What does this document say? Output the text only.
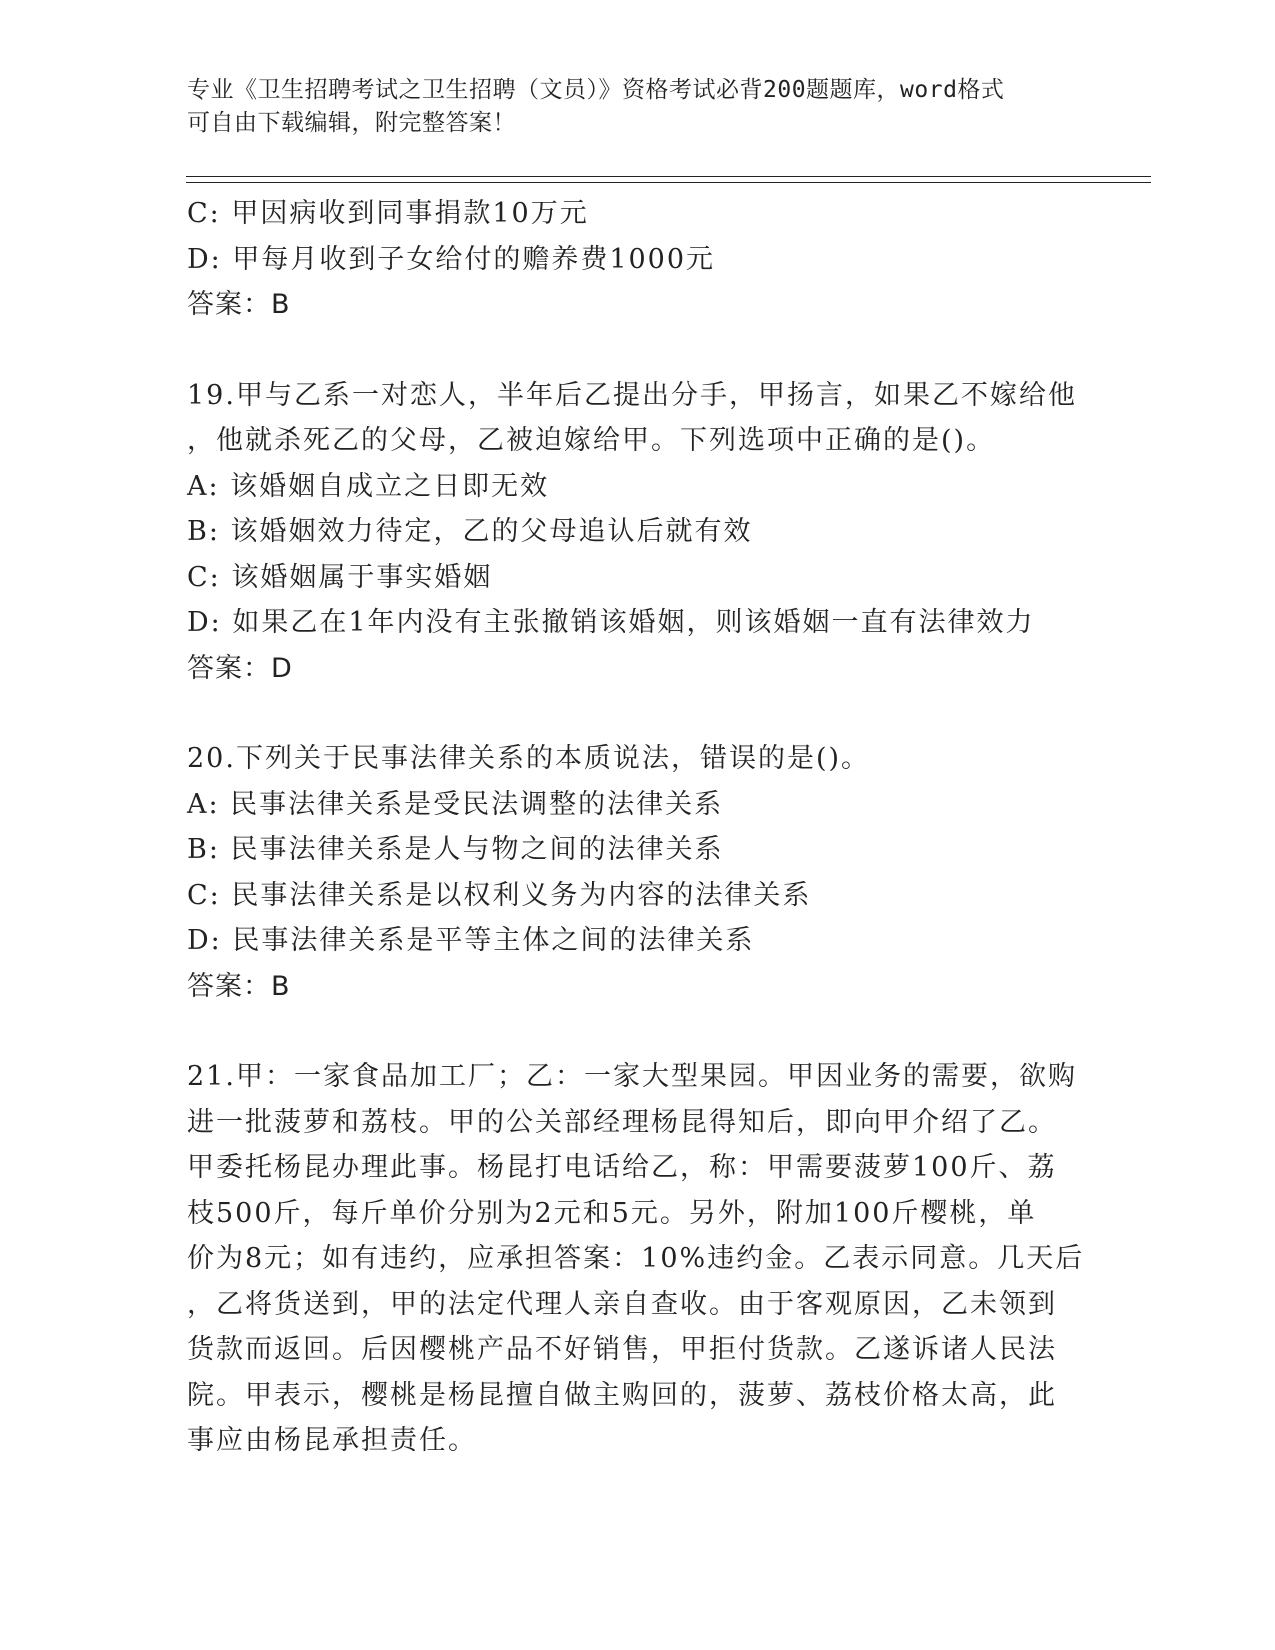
专业《卫生招聘考试之卫生招聘（文员）》资格考试必背200题题库，word格式
可自由下载编辑，附完整答案！
C: 甲因病收到同事捐款10万元
D: 甲每月收到子女给付的赡养费1000元
答案：B
19.甲与乙系一对恋人，半年后乙提出分手，甲扬言，如果乙不嫁给他
，他就杀死乙的父母，乙被迫嫁给甲。下列选项中正确的是()。
A: 该婚姻自成立之日即无效
B: 该婚姻效力待定，乙的父母追认后就有效
C: 该婚姻属于事实婚姻
D: 如果乙在1年内没有主张撤销该婚姻，则该婚姻一直有法律效力
答案：D
20.下列关于民事法律关系的本质说法，错误的是()。
A: 民事法律关系是受民法调整的法律关系
B: 民事法律关系是人与物之间的法律关系
C: 民事法律关系是以权利义务为内容的法律关系
D: 民事法律关系是平等主体之间的法律关系
答案：B
21.甲：一家食品加工厂；乙：一家大型果园。甲因业务的需要，欲购
进一批菠萝和荔枝。甲的公关部经理杨昆得知后，即向甲介绍了乙。
甲委托杨昆办理此事。杨昆打电话给乙，称：甲需要菠萝100斤、荔
枝500斤，每斤单价分别为2元和5元。另外，附加100斤樱桃，单
价为8元；如有违约，应承担答案：10%违约金。乙表示同意。几天后
，乙将货送到，甲的法定代理人亲自查收。由于客观原因，乙未领到
货款而返回。后因樱桃产品不好销售，甲拒付货款。乙遂诉诸人民法
院。甲表示，樱桃是杨昆擅自做主购回的，菠萝、荔枝价格太高，此
事应由杨昆承担责任。
